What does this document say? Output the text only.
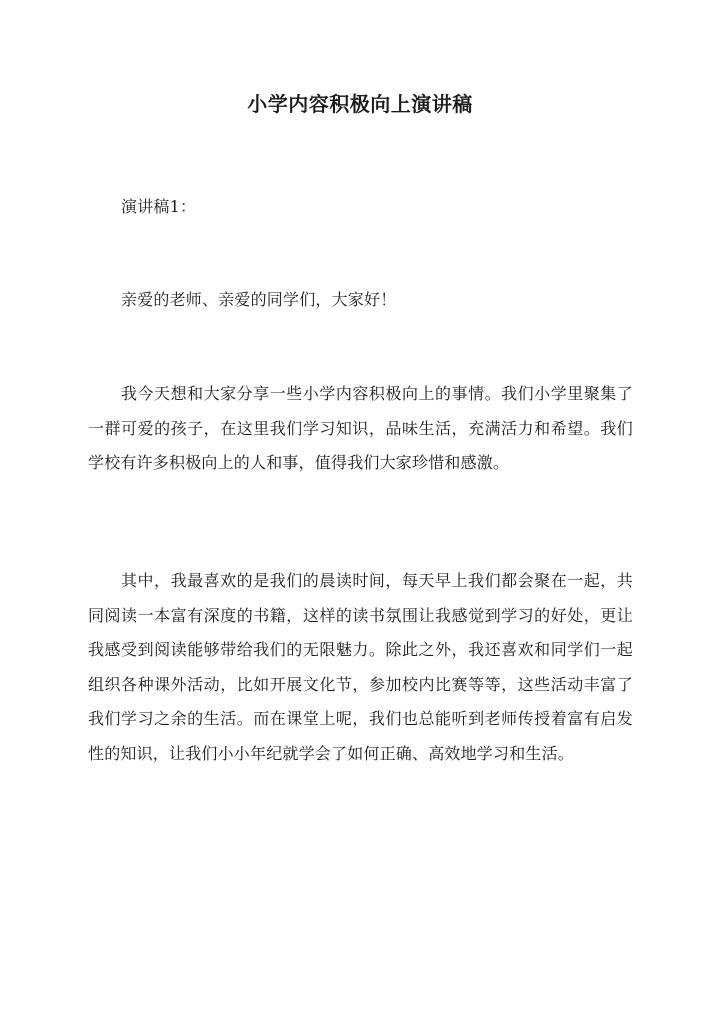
小学内容积极向上演讲稿

演讲稿1：

亲爱的老师、亲爱的同学们，大家好！

我今天想和大家分享一些小学内容积极向上的事情。我们小学里聚集了一群可爱的孩子，在这里我们学习知识，品味生活，充满活力和希望。我们学校有许多积极向上的人和事，值得我们大家珍惜和感激。

其中，我最喜欢的是我们的晨读时间，每天早上我们都会聚在一起，共同阅读一本富有深度的书籍，这样的读书氛围让我感觉到学习的好处，更让我感受到阅读能够带给我们的无限魅力。除此之外，我还喜欢和同学们一起组织各种课外活动，比如开展文化节，参加校内比赛等等，这些活动丰富了我们学习之余的生活。而在课堂上呢，我们也总能听到老师传授着富有启发性的知识，让我们小小年纪就学会了如何正确、高效地学习和生活。
